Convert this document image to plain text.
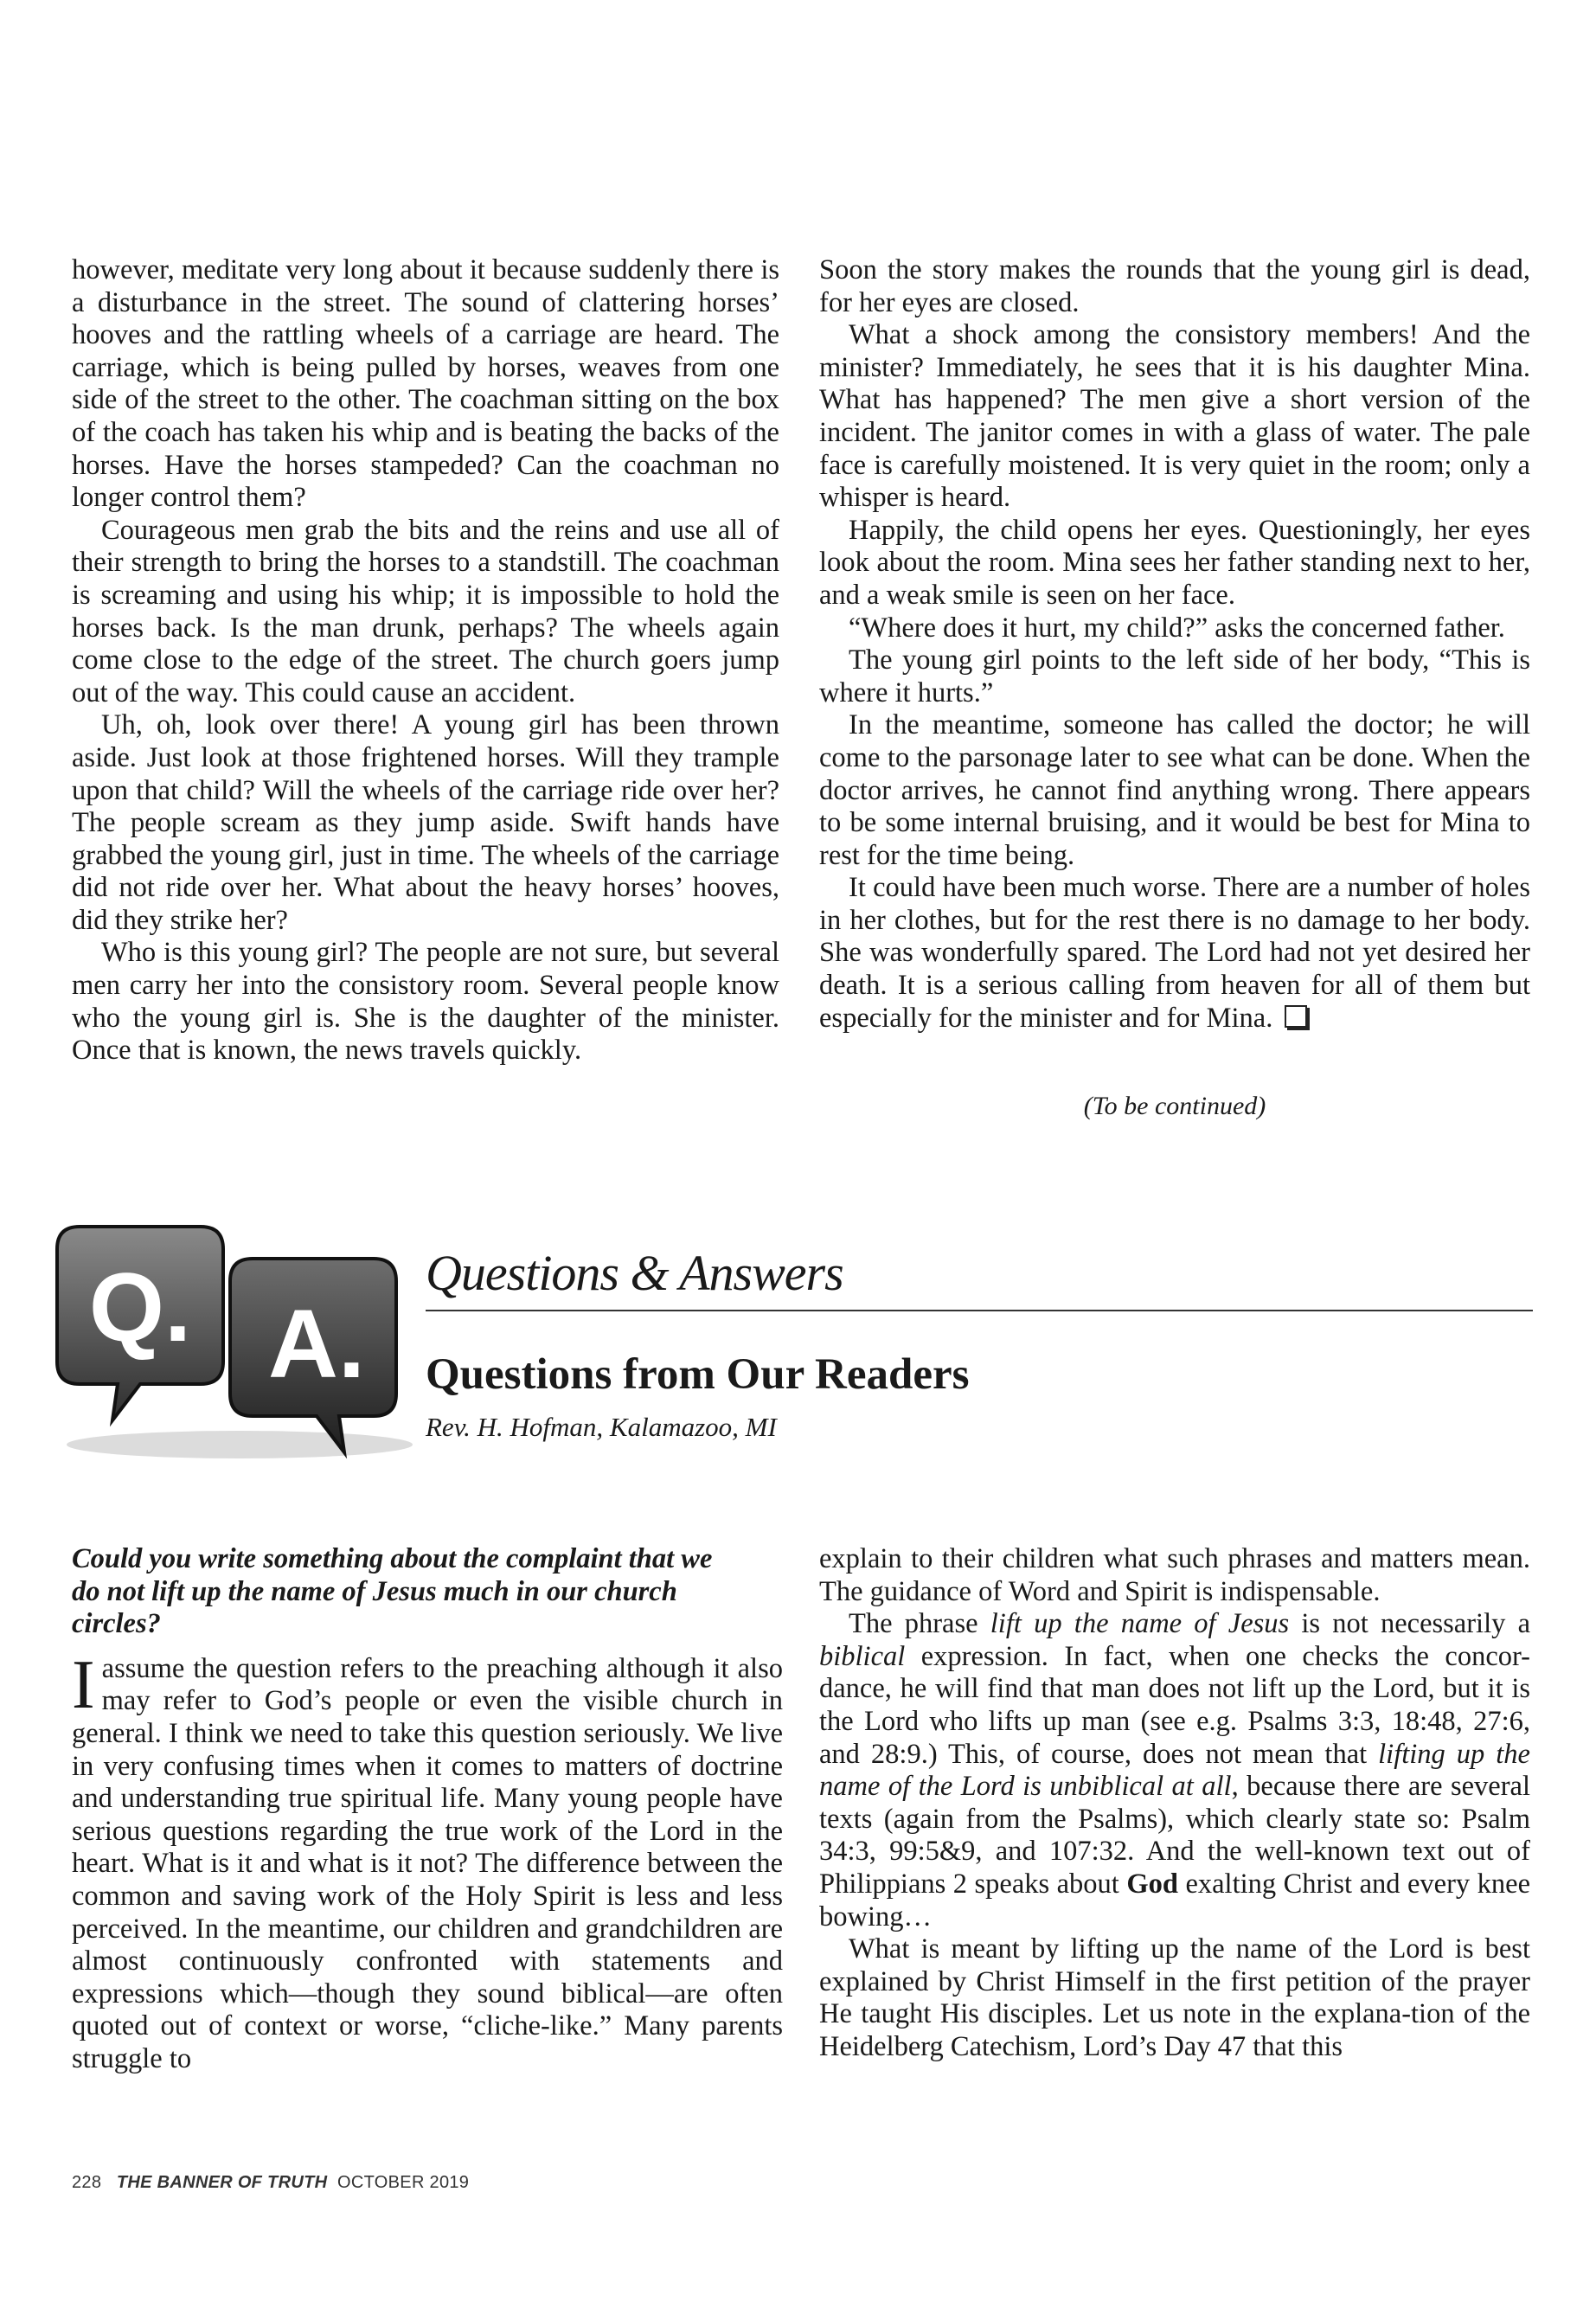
however, meditate very long about it because suddenly there is a disturbance in the street. The sound of clattering horses’ hooves and the rattling wheels of a carriage are heard. The carriage, which is being pulled by horses, weaves from one side of the street to the other. The coachman sitting on the box of the coach has taken his whip and is beating the backs of the horses. Have the horses stampeded? Can the coachman no longer control them?

Courageous men grab the bits and the reins and use all of their strength to bring the horses to a standstill. The coachman is screaming and using his whip; it is impossible to hold the horses back. Is the man drunk, perhaps? The wheels again come close to the edge of the street. The church goers jump out of the way. This could cause an accident.

Uh, oh, look over there! A young girl has been thrown aside. Just look at those frightened horses. Will they trample upon that child? Will the wheels of the carriage ride over her? The people scream as they jump aside. Swift hands have grabbed the young girl, just in time. The wheels of the carriage did not ride over her. What about the heavy horses’ hooves, did they strike her?

Who is this young girl? The people are not sure, but several men carry her into the consistory room. Several people know who the young girl is. She is the daughter of the minister. Once that is known, the news travels quickly.

Soon the story makes the rounds that the young girl is dead, for her eyes are closed.

What a shock among the consistory members! And the minister? Immediately, he sees that it is his daughter Mina. What has happened? The men give a short version of the incident. The janitor comes in with a glass of water. The pale face is carefully moistened. It is very quiet in the room; only a whisper is heard.

Happily, the child opens her eyes. Questioningly, her eyes look about the room. Mina sees her father standing next to her, and a weak smile is seen on her face.

“Where does it hurt, my child?” asks the concerned father.

The young girl points to the left side of her body, “This is where it hurts.”

In the meantime, someone has called the doctor; he will come to the parsonage later to see what can be done. When the doctor arrives, he cannot find anything wrong. There appears to be some internal bruising, and it would be best for Mina to rest for the time being.

It could have been much worse. There are a number of holes in her clothes, but for the rest there is no damage to her body. She was wonderfully spared. The Lord had not yet desired her death. It is a serious calling from heaven for all of them but especially for the minister and for Mina.

(To be continued)
Q. A.
Questions & Answers
Questions from Our Readers
Rev. H. Hofman, Kalamazoo, MI

Could you write something about the complaint that we do not lift up the name of Jesus much in our church circles?

Iassume the question refers to the preaching although it also may refer to God’s people or even the visible church in general. I think we need to take this question seriously. We live in very confusing times when it comes to matters of doctrine and understanding true spiritual life. Many young people have serious questions regarding the true work of the Lord in the heart. What is it and what is it not? The difference between the common and saving work of the Holy Spirit is less and less perceived. In the meantime, our children and grandchildren are almost continuously confronted with statements and expressions which—though they sound biblical—are often quoted out of context or worse, “cliche-like.” Many parents struggle to

explain to their children what such phrases and matters mean. The guidance of Word and Spirit is indispensable.

The phrase lift up the name of Jesus is not necessarily a biblical expression. In fact, when one checks the concor-dance, he will find that man does not lift up the Lord, but it is the Lord who lifts up man (see e.g. Psalms 3:3, 18:48, 27:6, and 28:9.) This, of course, does not mean that lifting up the name of the Lord is unbiblical at all, because there are several texts (again from the Psalms), which clearly state so: Psalm 34:3, 99:5&9, and 107:32. And the well-known text out of Philippians 2 speaks about God exalting Christ and every knee bowing…

What is meant by lifting up the name of the Lord is best explained by Christ Himself in the first petition of the prayer He taught His disciples. Let us note in the explana-tion of the Heidelberg Catechism, Lord’s Day 47 that this

228 THE BANNER OF TRUTH OCTOBER 2019
